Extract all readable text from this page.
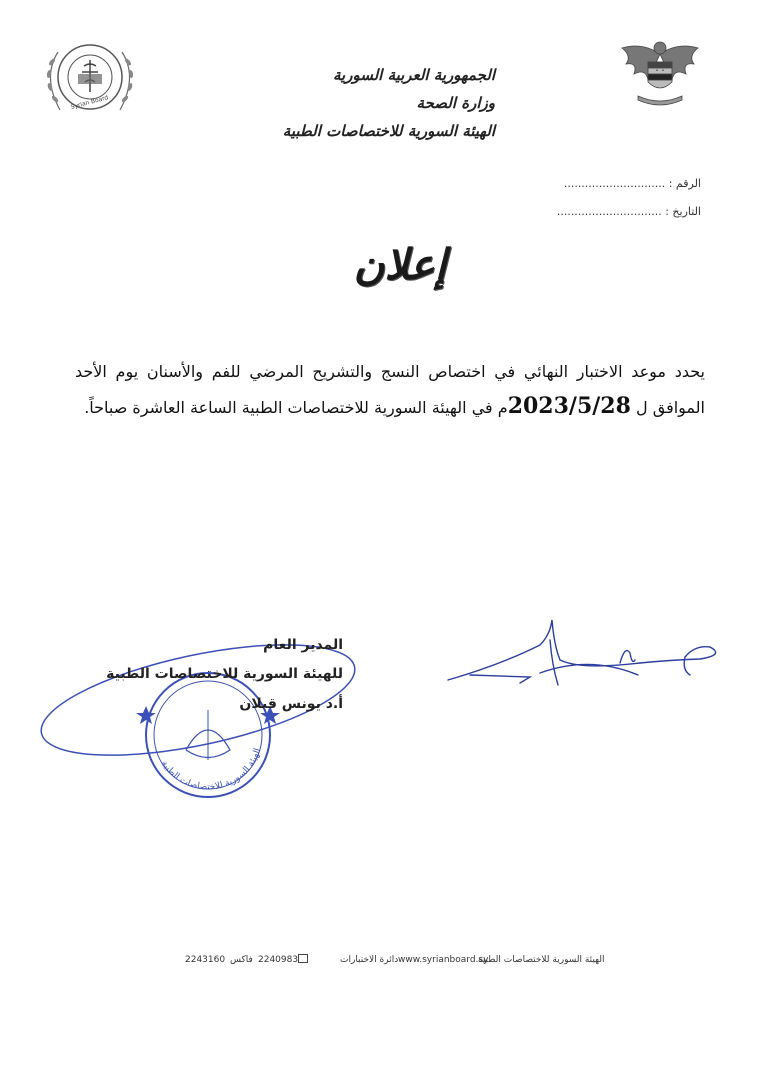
Syrian Board
الجمهورية العربية السورية
وزارة الصحة
الهيئة السورية للاختصاصات الطبية
الرقم : .............................
التاريخ : ..............................
إعلان
يحدد موعد الاختبار النهائي في اختصاص النسج والتشريح المرضي للفم والأسنان يوم الأحد الموافق ل 2023/5/28م في الهيئة السورية للاختصاصات الطبية الساعة العاشرة صباحاً.
الهيئة السورية للاختصاصات الطبية
المدير العام
للهيئة السورية للاختصاصات الطبية
أ.د يونس قبلان
2243160 فاكس 2240983	دائرة الاختبارات www.syrianboard.sy
الهيئة السورية للاختصاصات الطبية
